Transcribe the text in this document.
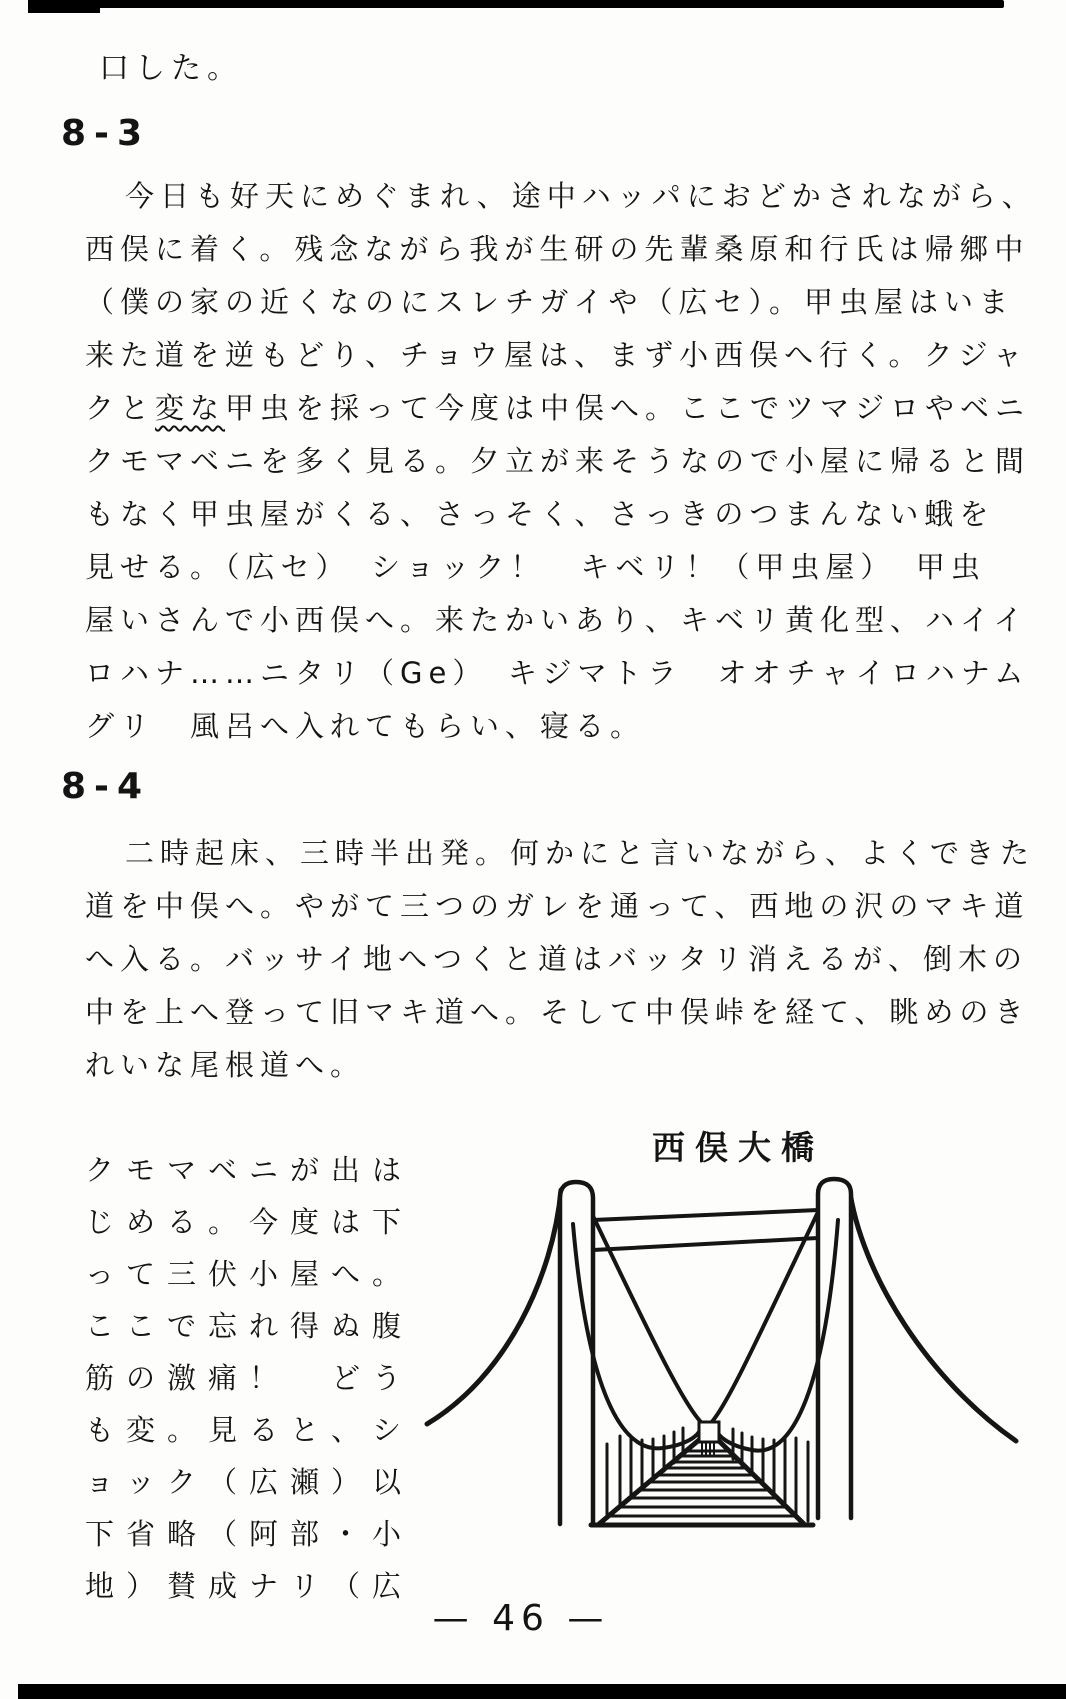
口した。
8-3
今日も好天にめぐまれ、途中ハッパにおどかされながら、
西俣に着く。残念ながら我が生研の先輩桑原和行氏は帰郷中
（僕の家の近くなのにスレチガイや（広セ）。甲虫屋はいま
来た道を逆もどり、チョウ屋は、まず小西俣へ行く。クジャ
クと変な甲虫を採って今度は中俣へ。ここでツマジロやベニ
クモマベニを多く見る。夕立が来そうなので小屋に帰ると間
もなく甲虫屋がくる、さっそく、さっきのつまんない蛾を
見せる。（広セ）　ショック！　キベリ！（甲虫屋）　甲虫
屋いさんで小西俣へ。来たかいあり、キベリ黄化型、ハイイ
ロハナ……ニタリ（Ge）　キジマトラ　オオチャイロハナム
グリ　風呂へ入れてもらい、寝る。
8-4
二時起床、三時半出発。何かにと言いながら、よくできた
道を中俣へ。やがて三つのガレを通って、西地の沢のマキ道
へ入る。バッサイ地へつくと道はバッタリ消えるが、倒木の
中を上へ登って旧マキ道へ。そして中俣峠を経て、眺めのき
れいな尾根道へ。
クモマベニが出は
じめる。今度は下
って三伏小屋へ。
ここで忘れ得ぬ腹
筋の激痛！　どう
も変。見ると、シ
ョック（広瀬）以
下省略（阿部・小
地）賛成ナリ（広
西俣大橋
— 46 —
